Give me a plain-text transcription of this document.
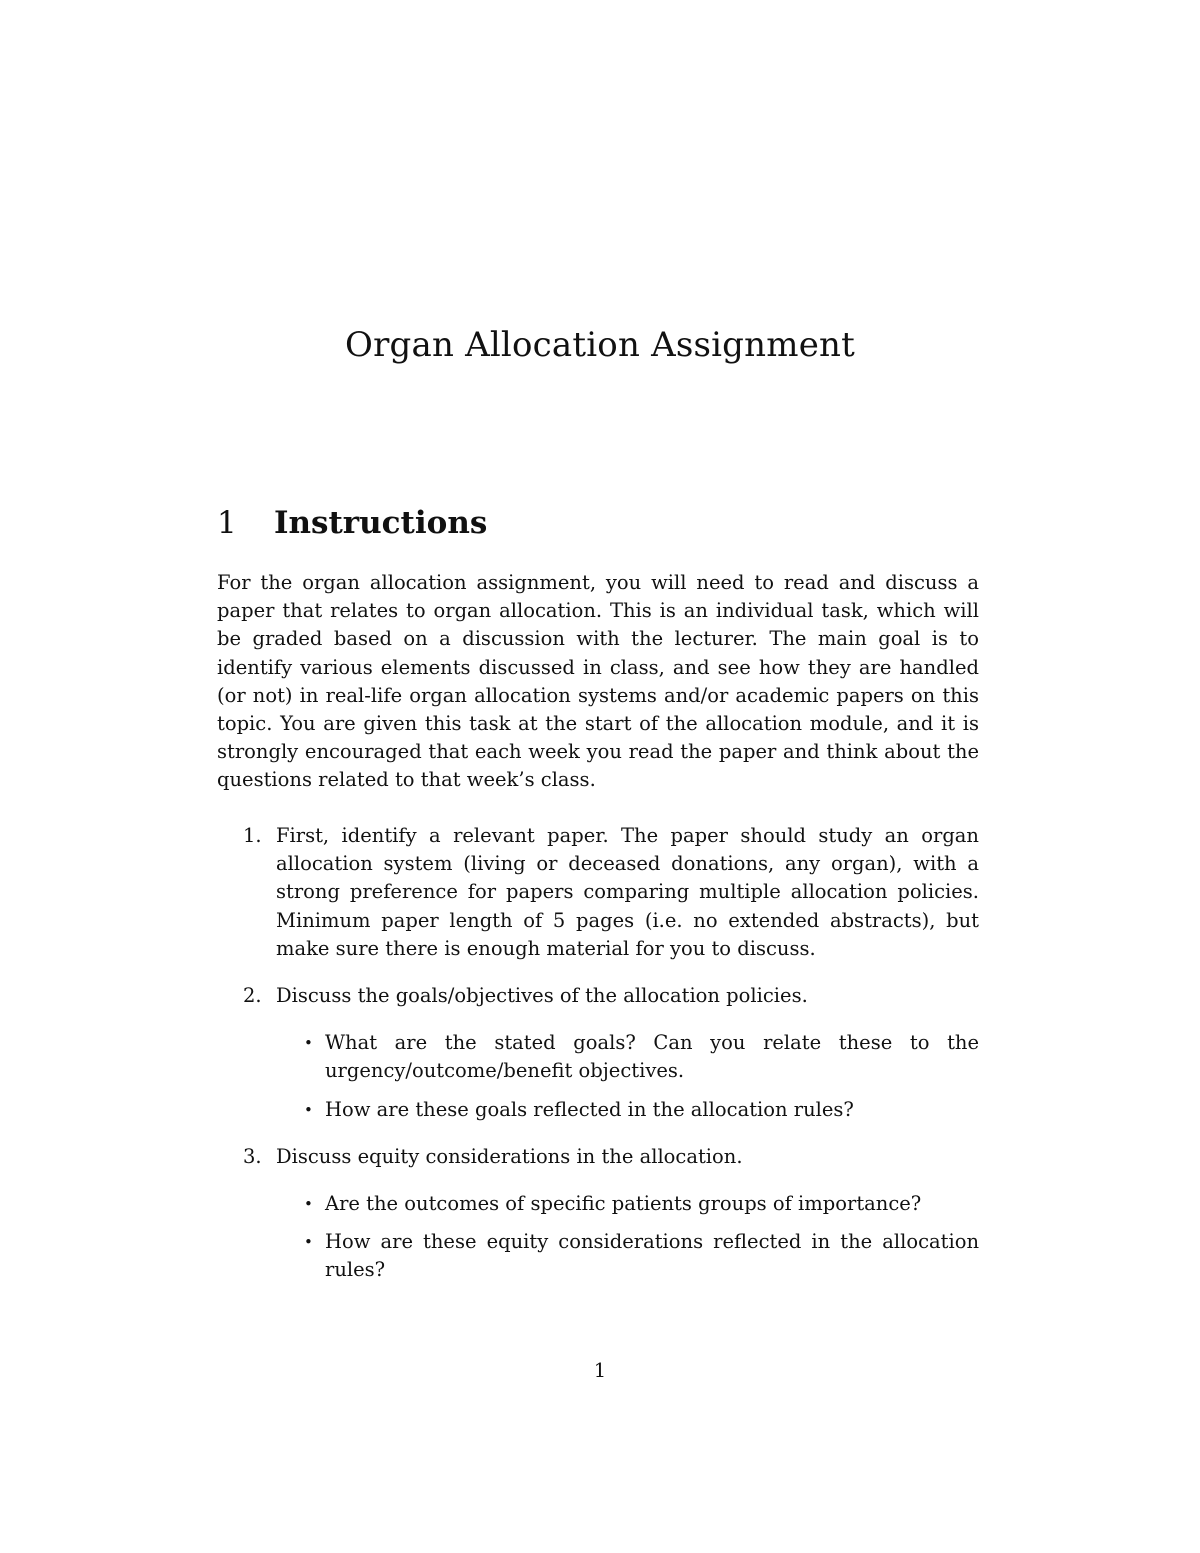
Organ Allocation Assignment
1	Instructions

For the organ allocation assignment, you will need to read and discuss a paper that relates to organ allocation. This is an individual task, which will be graded based on a discussion with the lecturer. The main goal is to identify various elements discussed in class, and see how they are handled (or not) in real-life organ allocation systems and/or academic papers on this topic. You are given this task at the start of the allocation module, and it is strongly encouraged that each week you read the paper and think about the questions related to that week’s class.

1. First, identify a relevant paper. The paper should study an organ allocation system (living or deceased donations, any organ), with a strong preference for papers comparing multiple allocation policies. Minimum paper length of 5 pages (i.e. no extended abstracts), but make sure there is enough material for you to discuss.
2. Discuss the goals/objectives of the allocation policies.
• What are the stated goals? Can you relate these to the urgency/outcome/benefit objectives.
• How are these goals reflected in the allocation rules?
3. Discuss equity considerations in the allocation.
• Are the outcomes of specific patients groups of importance?
• How are these equity considerations reflected in the allocation rules?
1
